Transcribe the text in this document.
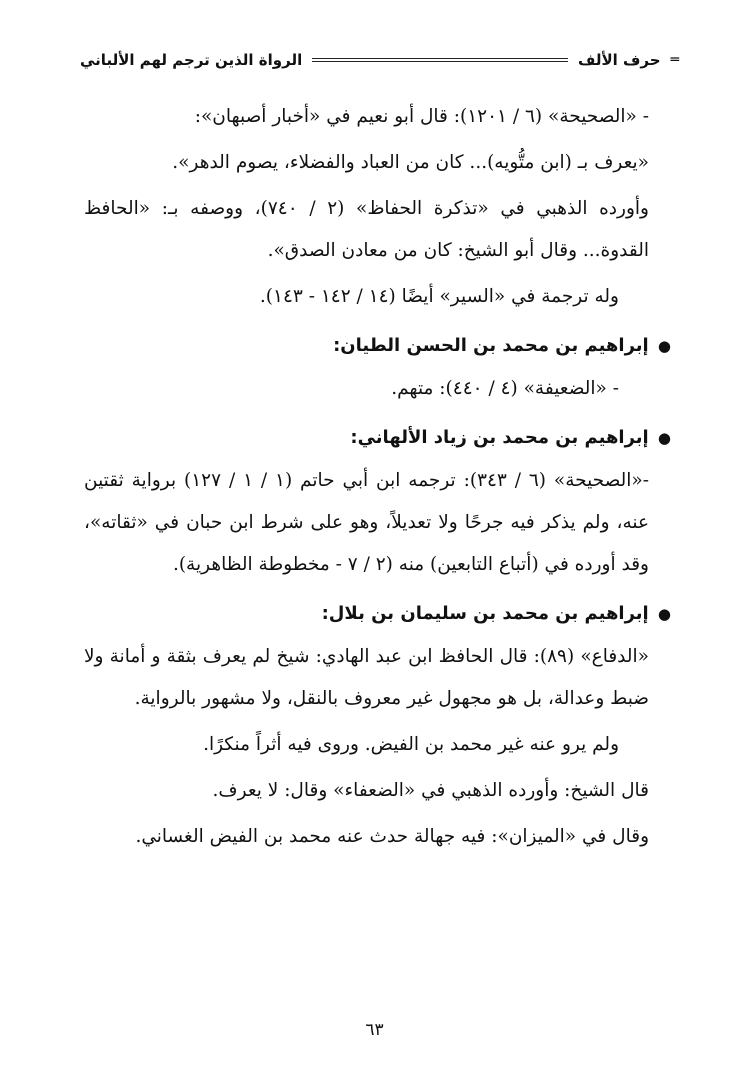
═
حرف الألف
الرواة الذين ترجم لهم الألباني

- «الصحيحة» (٦ / ١٢٠١): قال أبو نعيم في «أخبار أصبهان»:

«يعرف بـ (ابن متُّويه)... كان من العباد والفضلاء، يصوم الدهر».

وأورده الذهبي في «تذكرة الحفاظ» (٢ / ٧٤٠)، ووصفه بـ: «الحافظ القدوة... وقال أبو الشيخ: كان من معادن الصدق».

وله ترجمة في «السير» أيضًا (١٤ / ١٤٢ - ١٤٣).

● إبراهيم بن محمد بن الحسن الطيان:

- «الضعيفة» (٤ / ٤٤٠): متهم.

● إبراهيم بن محمد بن زياد الألهاني:

-«الصحيحة» (٦ / ٣٤٣): ترجمه ابن أبي حاتم (١ / ١ / ١٢٧) برواية ثقتين عنه، ولم يذكر فيه جرحًا ولا تعديلاً، وهو على شرط ابن حبان في «ثقاته»، وقد أورده في (أتباع التابعين) منه (٢ / ٧ - مخطوطة الظاهرية).

● إبراهيم بن محمد بن سليمان بن بلال:

«الدفاع» (٨٩): قال الحافظ ابن عبد الهادي: شيخ لم يعرف بثقة و أمانة ولا ضبط وعدالة، بل هو مجهول غير معروف بالنقل، ولا مشهور بالرواية.

ولم يرو عنه غير محمد بن الفيض. وروى فيه أثراً منكرًا.

قال الشيخ: وأورده الذهبي في «الضعفاء» وقال: لا يعرف.

وقال في «الميزان»: فيه جهالة حدث عنه محمد بن الفيض الغساني.

٦٣
